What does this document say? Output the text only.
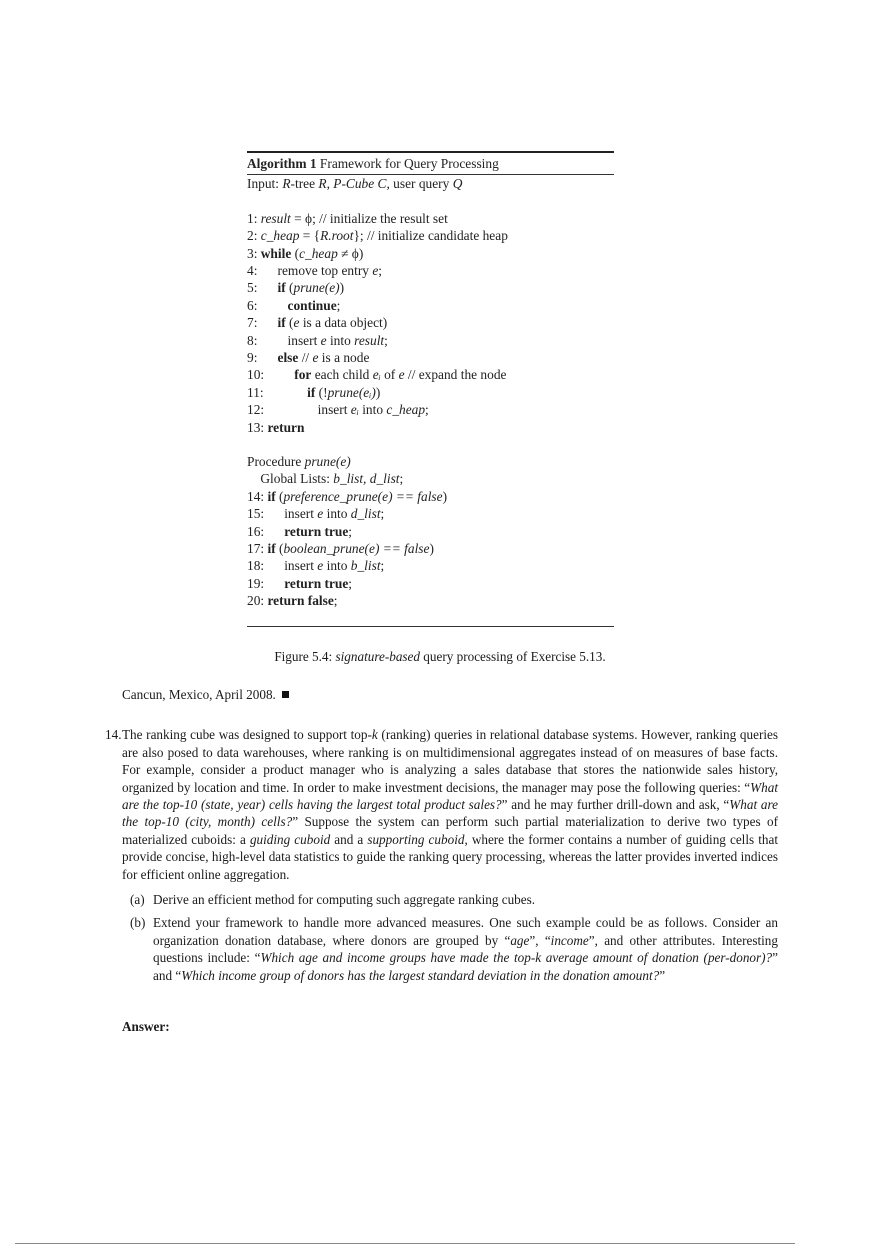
Algorithm 1 Framework for Query Processing
Input: R-tree R, P-Cube C, user query Q
1: result = ϕ; // initialize the result set
2: c_heap = {R.root}; // initialize candidate heap
3: while (c_heap ≠ ϕ)
4:      remove top entry e;
5:      if (prune(e))
6:         continue;
7:      if (e is a data object)
8:         insert e into result;
9:      else // e is a node
10:         for each child eᵢ of e // expand the node
11:             if (!prune(eᵢ))
12:                insert eᵢ into c_heap;
13: return
Procedure prune(e)
Global Lists: b_list, d_list;
14: if (preference_prune(e) == false)
15:      insert e into d_list;
16:      return true;
17: if (boolean_prune(e) == false)
18:      insert e into b_list;
19:      return true;
20: return false;
Figure 5.4: signature-based query processing of Exercise 5.13.

Cancun, Mexico, April 2008.

14. The ranking cube was designed to support top-k (ranking) queries in relational database systems. However, ranking queries are also posed to data warehouses, where ranking is on multidimensional aggregates instead of on measures of base facts. For example, consider a product manager who is analyzing a sales database that stores the nationwide sales history, organized by location and time. In order to make investment decisions, the manager may pose the following queries: “What are the top-10 (state, year) cells having the largest total product sales?” and he may further drill-down and ask, “What are the top-10 (city, month) cells?” Suppose the system can perform such partial materialization to derive two types of materialized cuboids: a guiding cuboid and a supporting cuboid, where the former contains a number of guiding cells that provide concise, high-level data statistics to guide the ranking query processing, whereas the latter provides inverted indices for efficient online aggregation.

(a) Derive an efficient method for computing such aggregate ranking cubes.

(b) Extend your framework to handle more advanced measures. One such example could be as follows. Consider an organization donation database, where donors are grouped by “age”, “income”, and other attributes. Interesting questions include: “Which age and income groups have made the top-k average amount of donation (per-donor)?” and “Which income group of donors has the largest standard deviation in the donation amount?”

Answer:
